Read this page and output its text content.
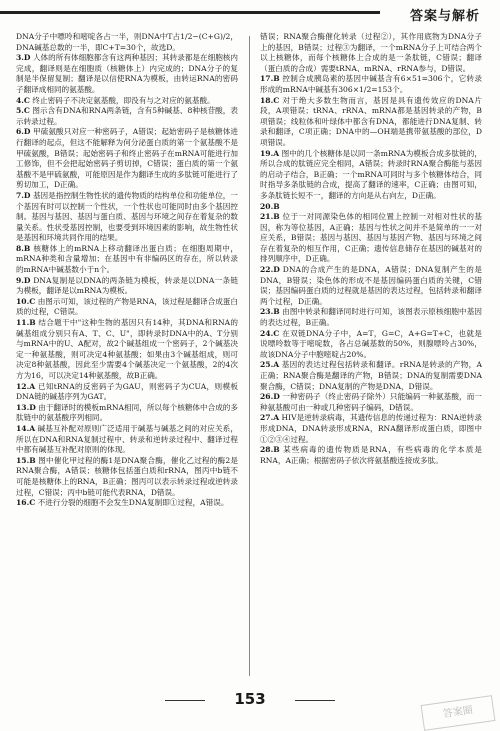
答案与解析

DNA分子中嘌呤和嘧啶各占一半，则DNA中T占1/2−(C+G)/2，DNA碱基总数的一半，即C+T=30个，故选D。

3.D 人体的所有体细胞都含有这两种基因；其转录都是在细胞核内完成，翻译则是在细胞质（核糖体上）内完成的；DNA分子的复制是半保留复制；翻译是以信使RNA为模板，由转运RNA的密码子翻译成相同的氨基酸。

4.C 终止密码子不决定氨基酸，即没有与之对应的氨基酸。

5.C 图示含有DNA和RNA两条链，含有5种碱基、8种核苷酸，表示转录过程。

6.D 甲硫氨酸只对应一种密码子，A错误；起始密码子是核糖体进行翻译的起点，但这不能解释为何分泌蛋白质的第一个氨基酸不是甲硫氨酸，B错误；起始密码子和终止密码子在mRNA可能进行加工修饰，但不会把起始密码子剪切掉，C错误；蛋白质的第一个氨基酸不是甲硫氨酸，可能原因是作为翻译生成的多肽链可能进行了剪切加工，D正确。

7.D 基因是指控制生物性状的遗传物质的结构单位和功能单位，一个基因有时可以控制一个性状，一个性状也可能同时由多个基因控制。基因与基因、基因与蛋白质、基因与环境之间存在着复杂的数量关系。性状受基因控制，也要受到环境因素的影响，故生物性状是基因和环境共同作用的结果。

8.B 核糖体上的mRNA上移动翻译出蛋白质；在细胞周期中，mRNA种类和含量增加；在基因中有非编码区的存在，所以转录的mRNA中碱基数小于n个。

9.D DNA复制是以DNA的两条链为模板，转录是以DNA一条链为模板，翻译是以mRNA为模板。

10.C 由图示可知，该过程的产物是RNA，该过程是翻译合成蛋白质的过程，C错误。

11.B 结合题干中"这种生物的基因只有14种，其DNA和RNA的碱基组成分别只有A、T、C、U"，即转录时DNA中的A、T分别与mRNA中的U、A配对，故2个碱基组成一个密码子，2个碱基决定一种氨基酸，则可决定4种氨基酸；如果由3个碱基组成，则可决定8种氨基酸，因此至少需要4个碱基决定一个氨基酸，2的4次方为16，可以决定14种氨基酸，故B正确。

12.A 已知tRNA的反密码子为GAU，则密码子为CUA，则模板DNA链的碱基序列为GAT。

13.D 由于翻译时的模板mRNA相同，所以每个核糖体中合成的多肽链中的氨基酸序列相同。

14.A 碱基互补配对原则广泛适用于碱基与碱基之间的对应关系，所以在DNA和RNA复制过程中、转录和逆转录过程中、翻译过程中都有碱基互补配对原则的体现。

15.B 图中催化甲过程的酶1是DNA聚合酶，催化乙过程的酶2是RNA聚合酶，A错误；核糖体包括蛋白质和rRNA，图丙中b链不可能是核糖体上的RNA，B正确；图丙可以表示转录过程或逆转录过程，C错误；丙中b链可能代表RNA，D错误。

16.C 不进行分裂的细胞不会发生DNA复制即①过程，A错误。

错误；RNA聚合酶催化转录（过程②），其作用底物为DNA分子上的基因，B错误；过程③为翻译，一个mRNA分子上可结合两个以上核糖体，而每个核糖体上合成的是一条肽链，C错误；翻译（蛋白质的合成）需要tRNA、mRNA、rRNA参与，D错误。

17.B 控制合成胰岛素的基因中碱基含有6×51=306个，它转录形成的mRNA中碱基有306×1/2=153个。

18.C 对于绝大多数生物而言，基因是具有遗传效应的DNA片段，A项错误；tRNA、rRNA、mRNA都是基因转录的产物，B项错误；线粒体和叶绿体中都含有DNA，都能进行DNA复制、转录和翻译，C项正确；DNA中的—OH端是携带氨基酸的部位，D项错误。

19.A 图中的几个核糖体是以同一条mRNA为模板合成多肽链的，所以合成的肽链应完全相同，A错误；转录时RNA聚合酶能与基因的启动子结合，B正确；一个mRNA可同时与多个核糖体结合，同时指导多条肽链的合成，提高了翻译的速率，C正确；由图可知，多条肽链长短不一，翻译的方向是从右向左，D正确。

20.B

21.B 位于一对同源染色体的相同位置上控制一对相对性状的基因，称为等位基因，A正确；基因与性状之间并不是简单的一一对应关系，B错误；基因与基因、基因与基因产物、基因与环境之间存在着复杂的相互作用，C正确；遗传信息储存在基因的碱基对的排列顺序中，D正确。

22.D DNA的合成产生的是DNA，A错误；DNA复制产生的是DNA，B错误；染色体的形成不是基因编码蛋白质的关键，C错误；基因编码蛋白质的过程就是基因的表达过程，包括转录和翻译两个过程，D正确。

23.B 由图中转录和翻译同时进行可知，该图表示原核细胞中基因的表达过程，B正确。

24.C 在双链DNA分子中，A=T，G=C，A+G=T+C，也就是说嘌呤数等于嘧啶数，各占总碱基数的50%，则腺嘌呤占30%，故该DNA分子中胞嘧啶占20%。

25.A 基因的表达过程包括转录和翻译。rRNA是转录的产物，A正确；RNA聚合酶是翻译的产物，B错误；DNA的复制需要DNA聚合酶，C错误；DNA复制的产物是DNA，D错误。

26.D 一种密码子（终止密码子除外）只能编码一种氨基酸，而一种氨基酸可由一种或几种密码子编码，D错误。

27.A HIV是逆转录病毒，其遗传信息的传递过程为：RNA逆转录形成DNA，DNA转录形成RNA，RNA翻译形成蛋白质，即图中①②③④过程。

28.B 某些病毒的遗传物质是RNA，有些病毒的化学本质是RNA，A正确；根据密码子依次将氨基酸连接成多肽。

153
答案圈
